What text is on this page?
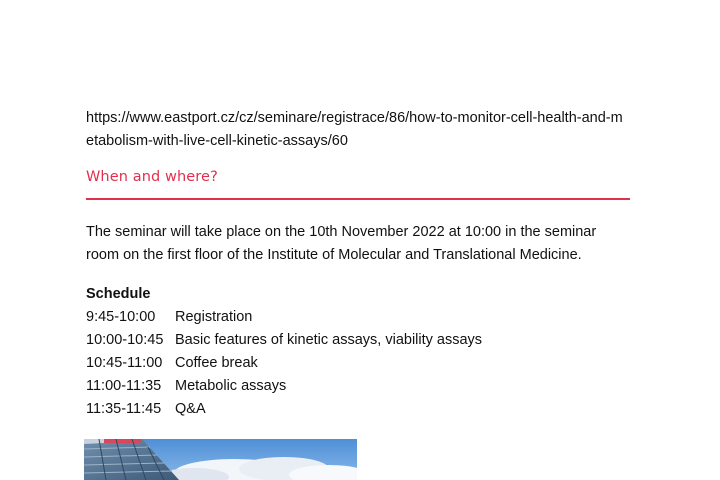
https://www.eastport.cz/cz/seminare/registrace/86/how-to-monitor-cell-health-and-metabolism-with-live-cell-kinetic-assays/60
When and where?

The seminar will take place on the 10th November 2022 at 10:00 in the seminar room on the first floor of the Institute of Molecular and Translational Medicine.

Schedule

9:45-10:00	Registration
10:00-10:45 Basic features of kinetic assays, viability assays
10:45-11:00 Coffee break
11:00-11:35 Metabolic assays
11:35-11:45 Q&A
